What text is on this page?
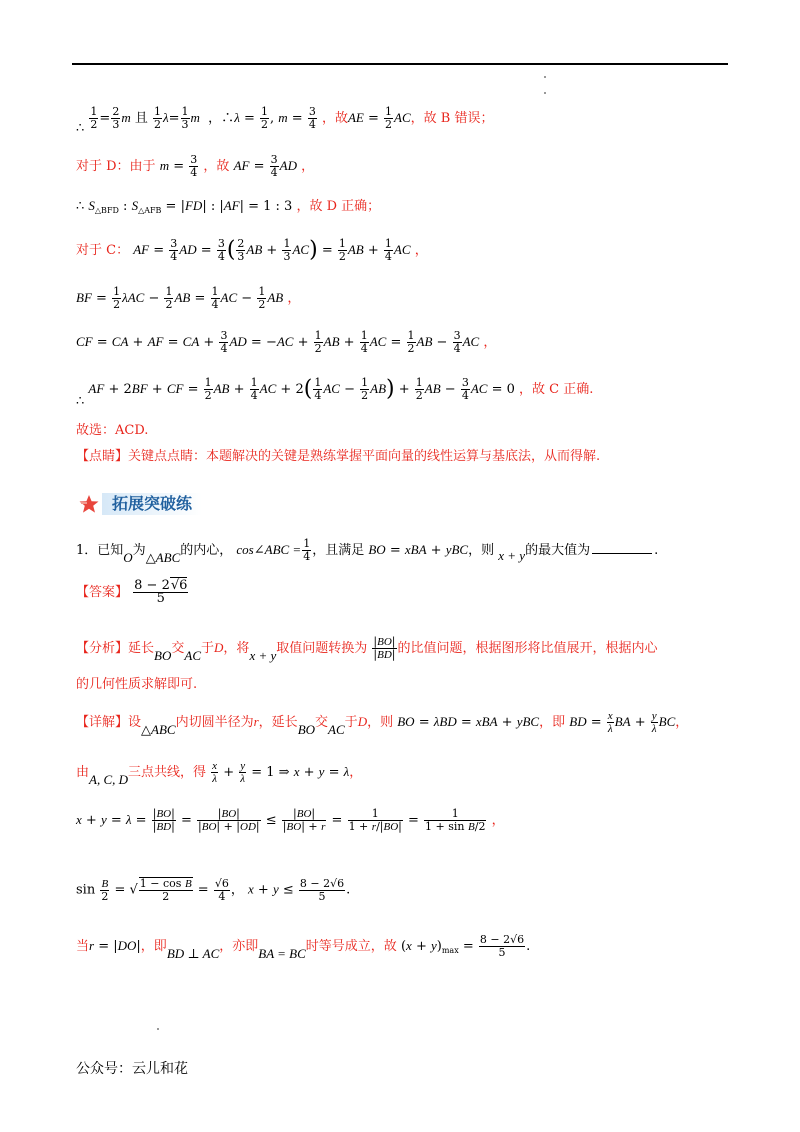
∴ $\frac{1}{2} = \frac{2}{3}$ m 且 $\frac{1}{2} \lambda= \frac{1}{3}$ m  ，∴λ = $\frac{1}{2}$ , $m = \frac{3}{4}$ ，故AE = $\frac{1}{2}$ AC，故 B 错误；
对于 D：由于 $m = \frac{3}{4}$ ，故 AF = $\frac{3}{4}$ AD ，
∴ $S_{\triangle BFD}$ : $S_{\triangle AFB} = |FD|$ : |AF| = 1 : 3 ，故 D 正确；
对于 C： AF = $\frac{3}{4}$ AD = $\frac{3}{4}$ ( $\frac{2}{3}$ AB + $\frac{1}{3} AC) = \frac{1}{2}$ AB + $\frac{1}{4}$ AC ，
BF = $\frac{1}{2}$ $\lambda AC - \frac{1}{2}$ AB = $\frac{1}{4}$ AC − $\frac{1}{2}$ AB ，
CF = CA + AF = CA + $\frac{3}{4}$ AD = $-AC + \frac{1}{2}$ AB + $\frac{1}{4}$ AC = $\frac{1}{2}$ AB − $\frac{3}{4}$ AC ，
∴ AF + 2BF + CF = $\frac{1}{2}$ AB + $\frac{1}{4}$ AC + $2( \frac{1}{4}$ AC − $\frac{1}{2} AB) + \frac{1}{2}$ AB − $\frac{3}{4}$ AC = 0 ，故 C 正确.
故选：ACD.
【点睛】关键点点睛：本题解决的关键是熟练掌握平面向量的线性运算与基底法，从而得解.
拓展突破练
1．已知O为△ABC的内心， cos∠ABC = $\frac{1}{4}$ ，且满足 BO = xBA + yBC，则 x + y的最大值为	.
【答案】 $\frac{8 - 2√6}{5}$
【分析】延长BO交AC于D，将x + y取值问题转换为 $\frac{|BO|}{|BD|}$ 的比值问题，根据图形将比值展开，根据内心
的几何性质求解即可.
【详解】设△ABC内切圆半径为r，延长BO交AC于D，则 BO = λBD = xBA + yBC，即 BD = $\frac{x}{\lambda}$ BA + $\frac{y}{\lambda}$ BC，
由A, C, D三点共线，得 $\frac{x}{\lambda} + \frac{y}{\lambda} = 1$ ⇒ x + y = λ，
$x + y = \lambda = \frac{|BO|}{|BD|} = \frac{|BO|}{|BO| + |OD|} \le \frac{|BO|}{|BO| + r} = \frac{1}{1 + r/|BO|} = \frac{1}{\text{1 + sin B/2}}$ ，
$\sin \frac{B}{2}$ = √ $\frac{\text{1 − cos B}}{2} = \frac{√6}{4}$ ， $x + y \le \frac{8 - 2√6}{5}$ .
当r = |DO|，即BD ⊥ AC，亦即BA = BC时等号成立，故 $(x + y)_{max} = \frac{8 - 2√6}{5}$ .
公众号：云儿和花
